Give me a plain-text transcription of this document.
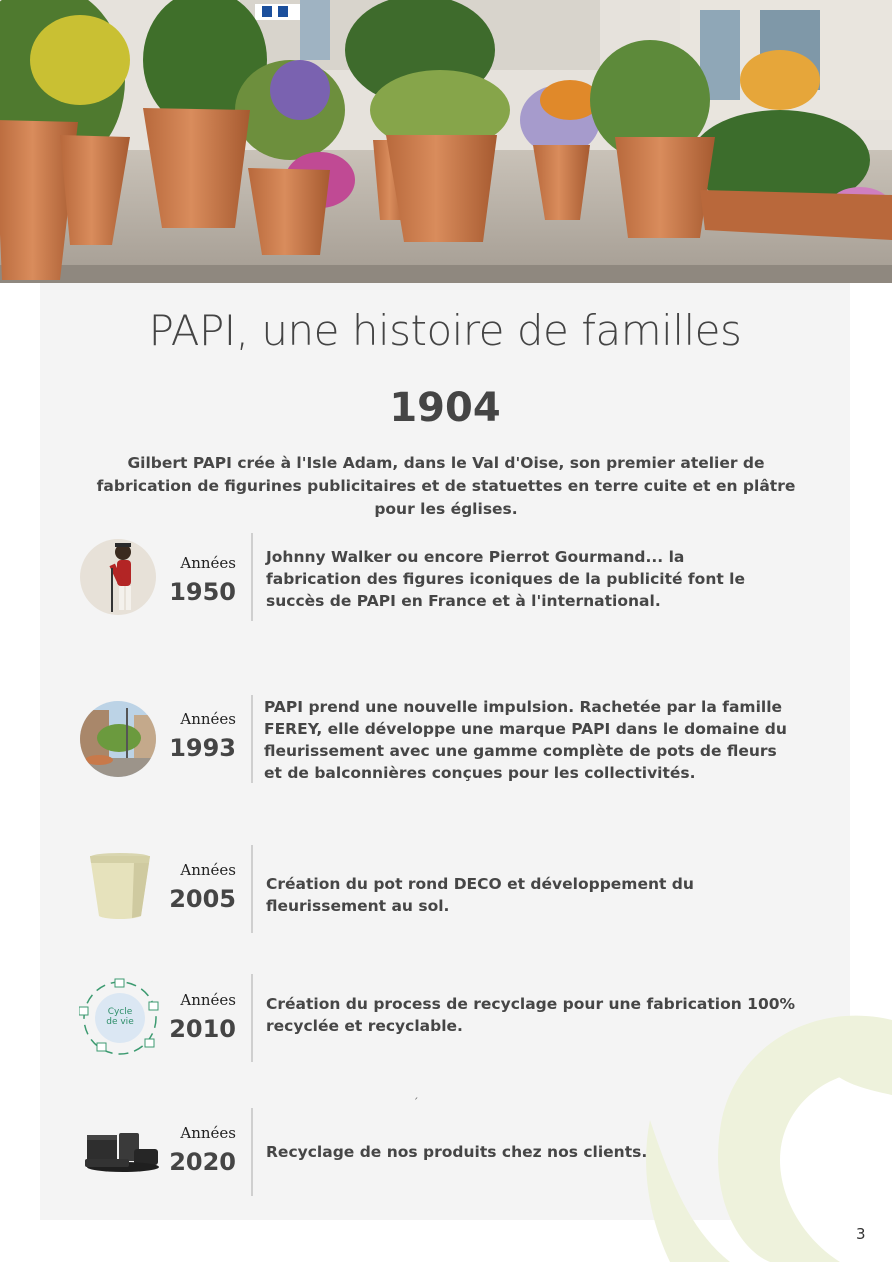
PAPI, une histoire de familles
1904
Gilbert PAPI crée à l'Isle Adam, dans le Val d'Oise, son premier atelier de fabrication de figurines publicitaires et de statuettes en terre cuite et en plâtre pour les églises.
Années
1950
Johnny Walker ou encore Pierrot Gourmand... la fabrication des figures iconiques de la publicité font le succès de PAPI en France et à l'international.
Années
1993
PAPI prend une nouvelle impulsion. Rachetée par la famille FEREY, elle développe une marque PAPI dans le domaine du fleurissement avec une gamme complète de pots de fleurs et de balconnières conçues pour les collectivités.
Années
2005
Création du pot rond DECO et développement du fleurissement au sol.
Cycle
de vie
Années
2010
Création du process de recyclage pour une fabrication 100% recyclée et recyclable.
´
Années
2020 Recyclage de nos produits chez nos clients.
3
